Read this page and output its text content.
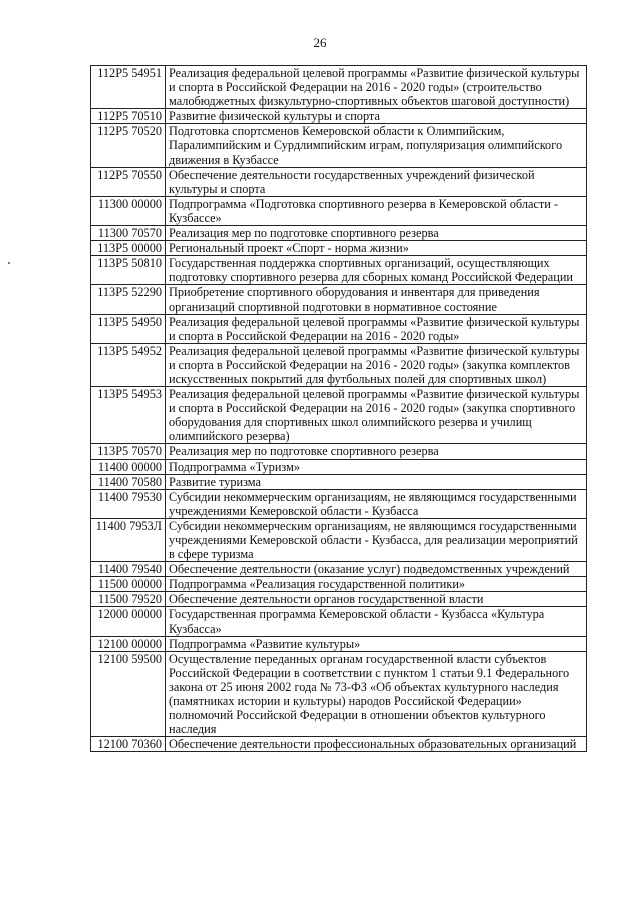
26
112P5 54951	Реализация федеральной целевой программы «Развитие физической культуры и спорта в Российской Федерации на 2016 - 2020 годы» (строительство малобюджетных физкультурно-спортивных объектов шаговой доступности)
112P5 70510	Развитие физической культуры и спорта
112P5 70520	Подготовка спортсменов Кемеровской области к Олимпийским, Паралимпийским и Сурдлимпийским играм, популяризация олимпийского движения в Кузбассе
112P5 70550	Обеспечение деятельности государственных учреждений физической культуры и спорта
11300 00000	Подпрограмма «Подготовка спортивного резерва в Кемеровской области - Кузбассе»
11300 70570	Реализация мер по подготовке спортивного резерва
113P5 00000	Региональный проект «Спорт - норма жизни»
113P5 50810	Государственная поддержка спортивных организаций, осуществляющих подготовку спортивного резерва для сборных команд Российской Федерации
113P5 52290	Приобретение спортивного оборудования и инвентаря для приведения организаций спортивной подготовки в нормативное состояние
113P5 54950	Реализация федеральной целевой программы «Развитие физической культуры и спорта в Российской Федерации на 2016 - 2020 годы»
113P5 54952	Реализация федеральной целевой программы «Развитие физической культуры и спорта в Российской Федерации на 2016 - 2020 годы» (закупка комплектов искусственных покрытий для футбольных полей для спортивных школ)
113P5 54953	Реализация федеральной целевой программы «Развитие физической культуры и спорта в Российской Федерации на 2016 - 2020 годы» (закупка спортивного оборудования для спортивных школ олимпийского резерва и училищ олимпийского резерва)
113P5 70570	Реализация мер по подготовке спортивного резерва
11400 00000	Подпрограмма «Туризм»
11400 70580	Развитие туризма
11400 79530	Субсидии некоммерческим организациям, не являющимся государственными учреждениями Кемеровской области - Кузбасса
11400 7953Л	Субсидии некоммерческим организациям, не являющимся государственными учреждениями Кемеровской области - Кузбасса, для реализации мероприятий в сфере туризма
11400 79540	Обеспечение деятельности (оказание услуг) подведомственных учреждений
11500 00000	Подпрограмма «Реализация государственной политики»
11500 79520	Обеспечение деятельности органов государственной власти
12000 00000	Государственная программа Кемеровской области - Кузбасса «Культура Кузбасса»
12100 00000	Подпрограмма «Развитие культуры»
12100 59500	Осуществление переданных органам государственной власти субъектов Российской Федерации в соответствии с пунктом 1 статьи 9.1 Федерального закона от 25 июня 2002 года № 73-ФЗ «Об объектах культурного наследия (памятниках истории и культуры) народов Российской Федерации» полномочий Российской Федерации в отношении объектов культурного наследия
12100 70360	Обеспечение деятельности профессиональных образовательных организаций
